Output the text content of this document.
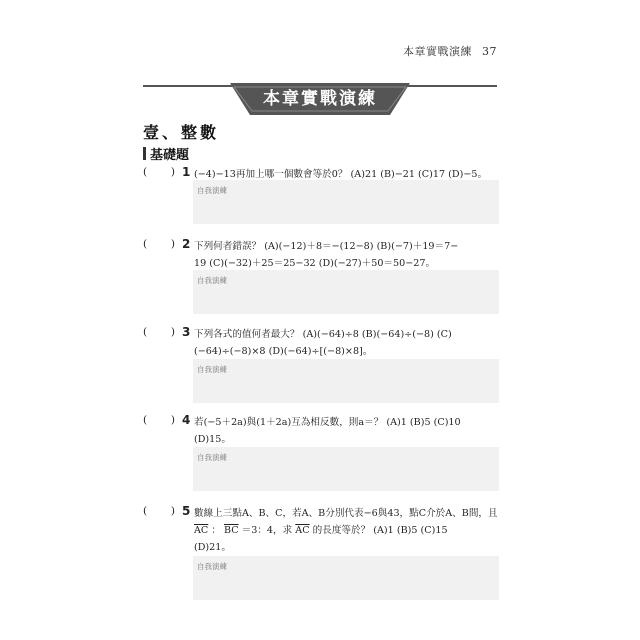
本章實戰演練 37
本章實戰演練
壹、整數
基礎題
( ) 1 (−4)−13再加上哪一個數會等於0？ (A)21 (B)−21 (C)17 (D)−5。
自我演練
( ) 2 下列何者錯誤？ (A)(−12)＋8＝−(12−8) (B)(−7)＋19＝7−
19 (C)(−32)＋25＝25−32 (D)(−27)＋50＝50−27。
自我演練
( ) 3 下列各式的值何者最大？ (A)(−64)÷8 (B)(−64)÷(−8) (C)
(−64)÷(−8)×8 (D)(−64)÷[(−8)×8]。
自我演練
( ) 4 若(−5＋2a)與(1＋2a)互為相反數，則a＝？ (A)1 (B)5 (C)10
(D)15。
自我演練
( ) 5 數線上三點A、B、C，若A、B分別代表−6與43，點C介於A、B間，且
$\overline{AC}$ ： $\overline{BC} =3$：4，求 $\overline{AC}$ 的長度等於？ (A)1 (B)5 (C)15
(D)21。
自我演練
